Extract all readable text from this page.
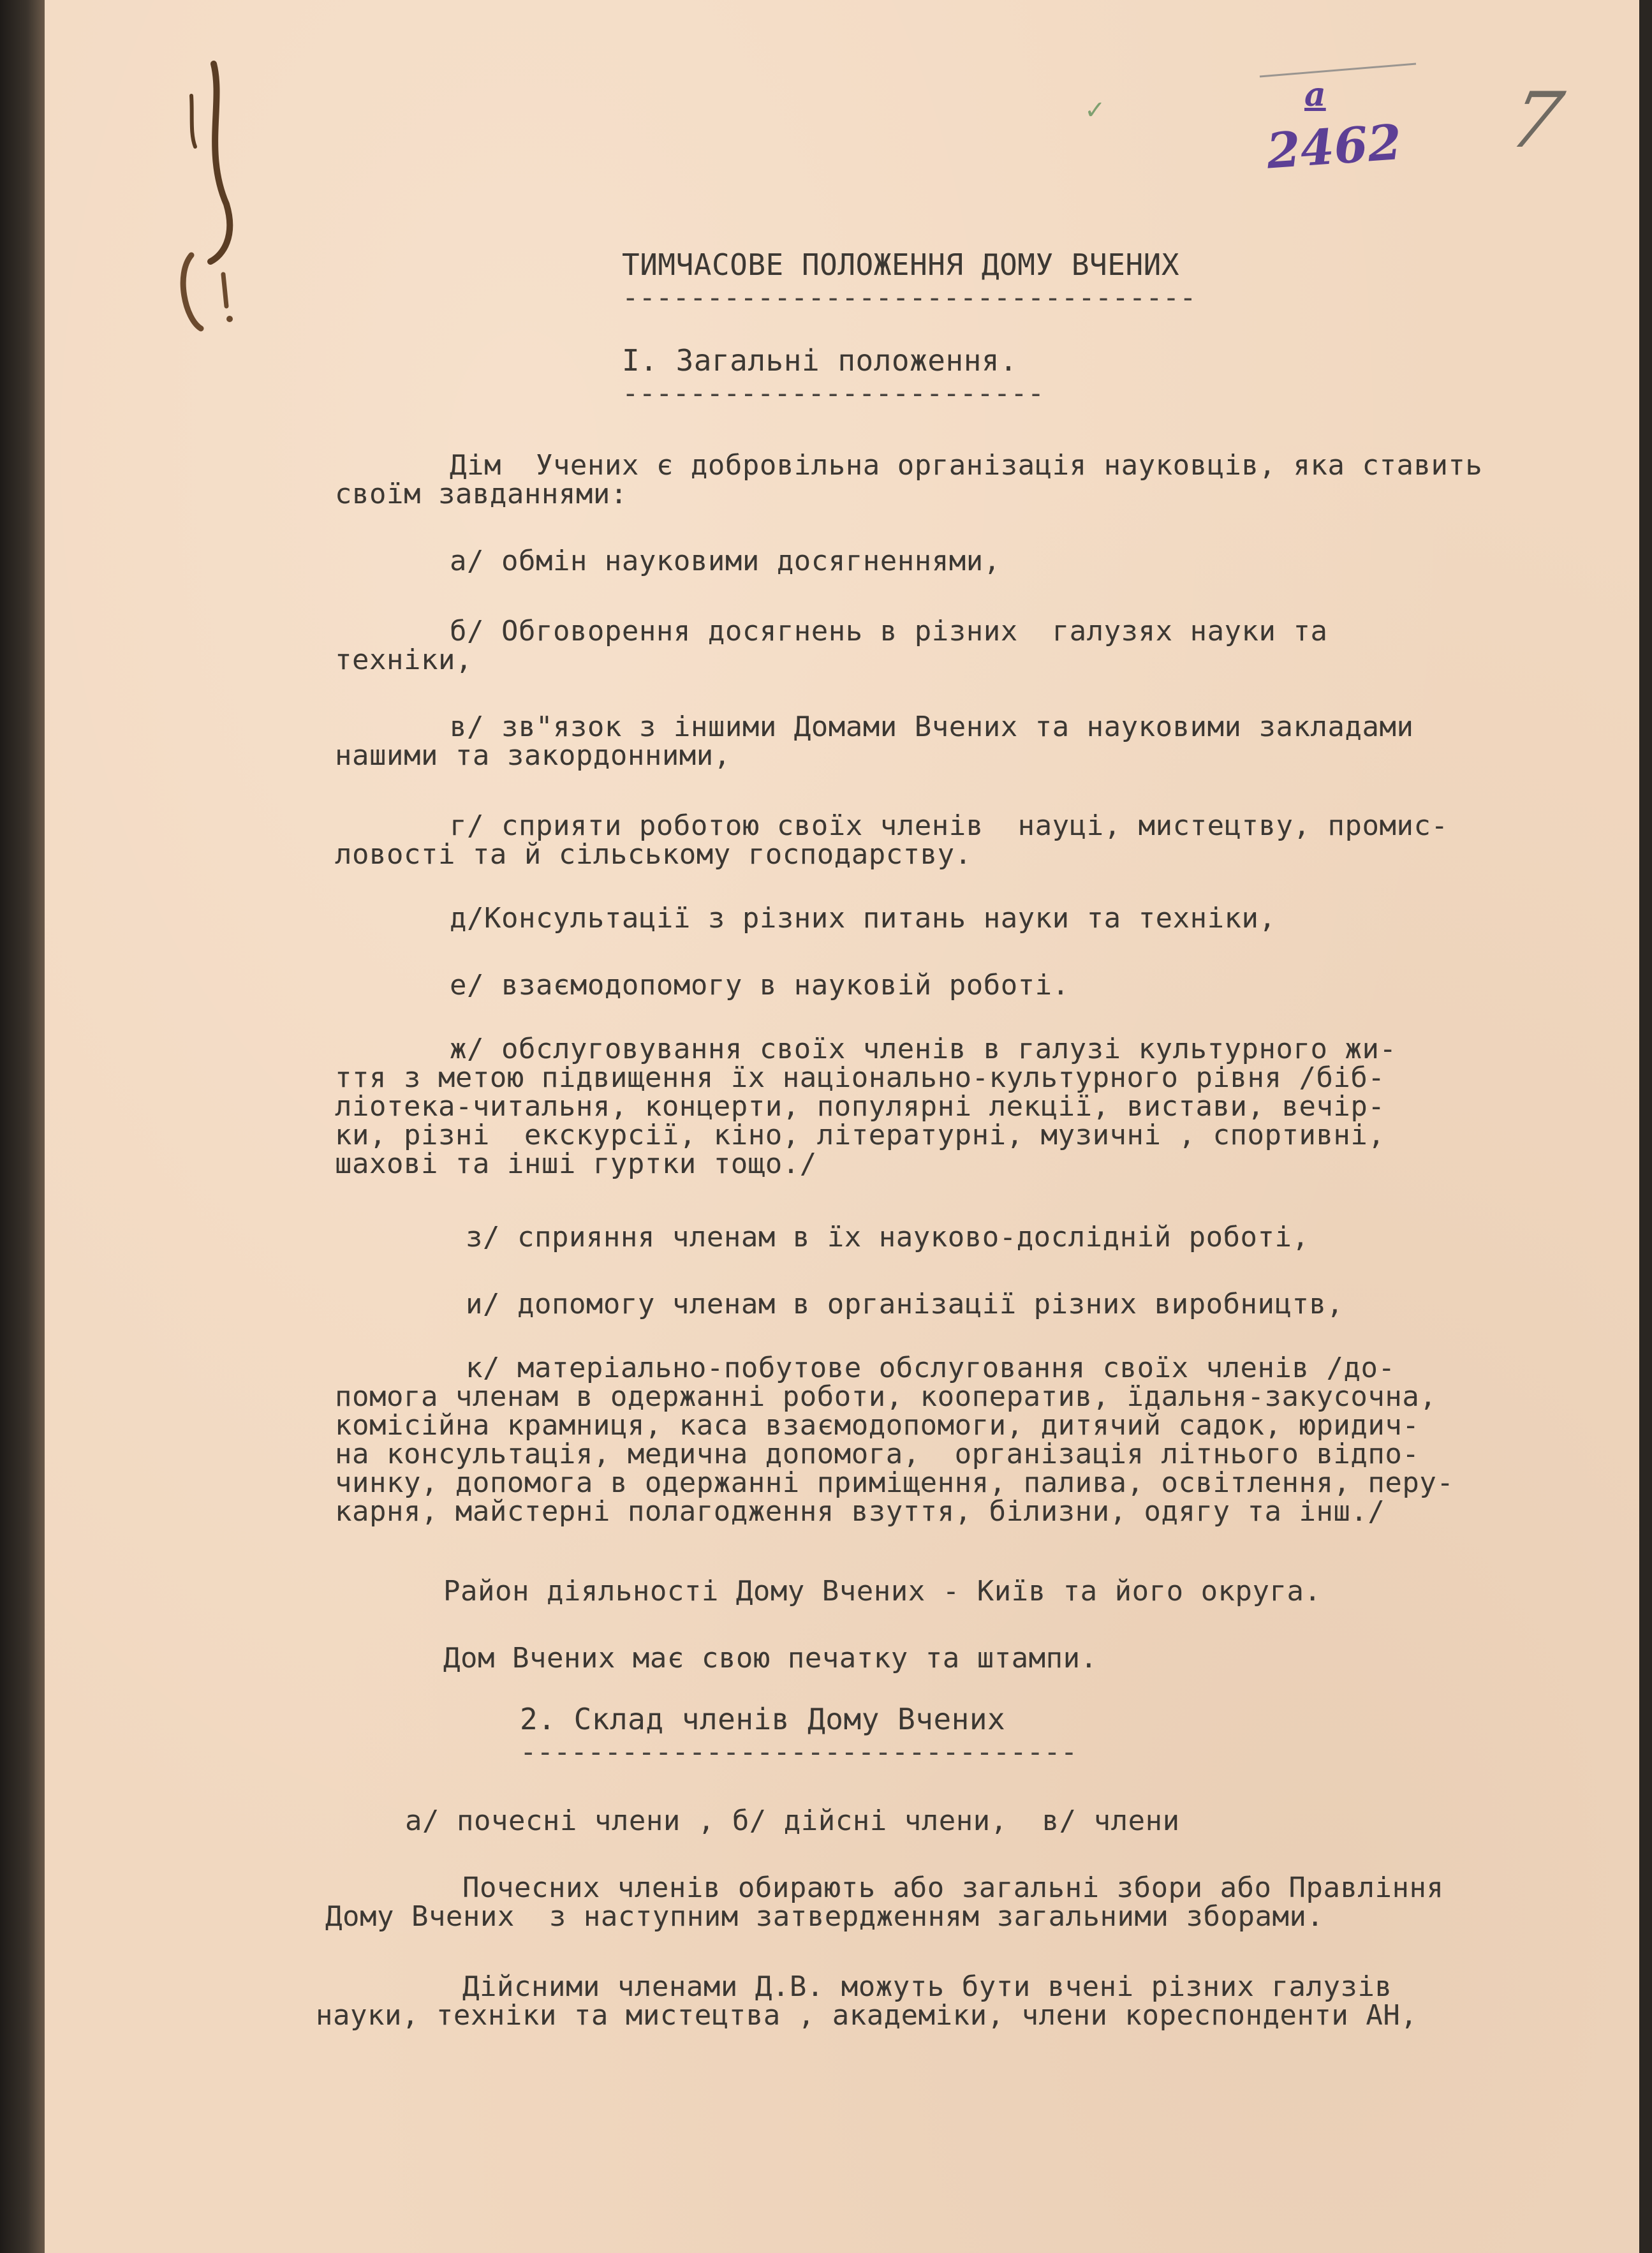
✓

2462

а 7
ТИМЧАСОВЕ ПОЛОЖЕННЯ ДОМУ ВЧЕНИХ
----------------------------------
I. Загальні положення.
-------------------------
Дім  Учених є добровільна організація науковців, яка ставить
своїм завданнями:
а/ обмін науковими досягненнями,
б/ Обговорення досягнень в різних  галузях науки та
техніки,
в/ зв"язок з іншими Домами Вчених та науковими закладами
нашими та закордонними,
г/ сприяти роботою своїх членів  науці, мистецтву, промис-
ловості та й сільському господарству.
д/Консультації з різних питань науки та техніки,
е/ взаємодопомогу в науковій роботі.
ж/ обслуговування своїх членів в галузі культурного жи-
ття з метою підвищення їх національно-культурного рівня /біб-
ліотека-читальня, концерти, популярні лекції, вистави, вечір-
ки, різні  екскурсії, кіно, літературні, музичні , спортивні,
шахові та інші гуртки тощо./
з/ сприяння членам в їх науково-дослідній роботі,
и/ допомогу членам в організації різних виробництв,
к/ матеріально-побутове обслуговання своїх членів /до-
помога членам в одержанні роботи, кооператив, їдальня-закусочна,
комісійна крамниця, каса взаємодопомоги, дитячий садок, юридич-
на консультація, медична допомога,  організація літнього відпо-
чинку, допомога в одержанні приміщення, палива, освітлення, перу-
карня, майстерні полагодження взуття, білизни, одягу та інш./
Район діяльності Дому Вчених - Київ та його округа.
Дом Вчених має свою печатку та штампи.
2. Склад членів Дому Вчених
---------------------------------
а/ почесні члени , б/ дійсні члени,  в/ члени
Почесних членів обирають або загальні збори або Правління
Дому Вчених  з наступним затвердженням загальними зборами.
Дійсними членами Д.В. можуть бути вчені різних галузів
науки, техніки та мистецтва , академіки, члени кореспонденти АН,
